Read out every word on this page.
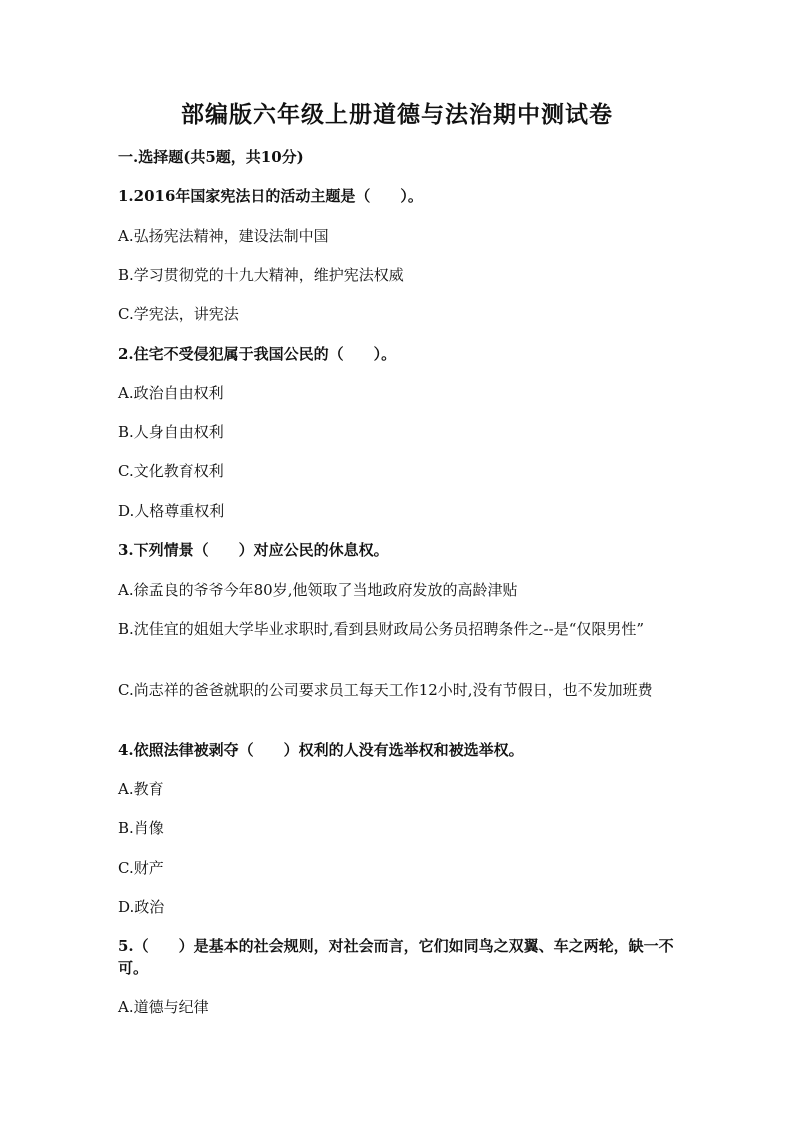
部编版六年级上册道德与法治期中测试卷
一.选择题(共5题，共10分)
1.2016年国家宪法日的活动主题是（　　）。
A.弘扬宪法精神，建设法制中国
B.学习贯彻党的十九大精神，维护宪法权威
C.学宪法，讲宪法
2.住宅不受侵犯属于我国公民的（　　）。
A.政治自由权利
B.人身自由权利
C.文化教育权利
D.人格尊重权利
3.下列情景（　　）对应公民的休息权。
A.徐孟良的爷爷今年80岁,他领取了当地政府发放的高龄津贴
B.沈佳宜的姐姐大学毕业求职时,看到县财政局公务员招聘条件之--是“仅限男性”
C.尚志祥的爸爸就职的公司要求员工每天工作12小时,没有节假日，也不发加班费
4.依照法律被剥夺（　　）权利的人没有选举权和被选举权。
A.教育
B.肖像
C.财产
D.政治
5.（　　）是基本的社会规则，对社会而言，它们如同鸟之双翼、车之两轮，缺一不可。
A.道德与纪律
